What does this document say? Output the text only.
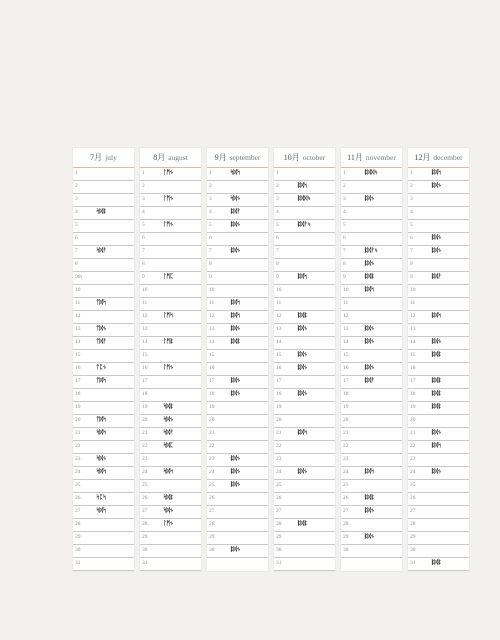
7月 july
1
2
3
4	ᛋᛞᛔ
5
6
7	ᛋᛞᚹ
8
9th
10
11	ᛏᛞᛋ
12
13	ᛏᛞᛃ
14	ᛏᛞᚹ
15
16	ᛏᛈᛃ
17	ᛏᛞᛋ
18
19
20	ᛏᛞᛋ
21	ᛋᛞᛋ
22
23	ᛋᛞᛃ
24	ᛋᛞᛋ
25
26	ᛋᛈᛋ
27	ᛋᛞᛋ
28
29
30
31
8月 august
1	ᛚᛗᛃ
2
3	ᛚᛗᛃ
4
5	ᛚᛗᛃ
6
7
8
9	ᛚᛗᛈ
10
11
12	ᛚᛗᛋ
13
14	ᛚᛗᛔ
15
16	ᛚᛗᛃ
17
18
19	ᛋᛞᛔ
20	ᛋᛞᛃ
21	ᛋᛞᚹ
22	ᛋᛞᛈ
23
24	ᛋᛞᛋ
25
26	ᛋᛞᛔ
27	ᛋᛞᛃ
28	ᛚᛗᛃ
29
30
31
9月 september
1	ᛋᛞᛋ
2
3	ᛋᛞᛃ
4	ᛔᛞᚹ
5	ᛔᛞᛃ
6
7	ᛔᛞᛃ
8
9
10
11	ᛔᛞᛋ
12	ᛔᛞᛋ
13	ᛔᛞᛃ
14	ᛔᛞᛔ
15
16
17	ᛔᛞᛃ
18	ᛔᛞᛃ
19
20
21
22
23	ᛔᛞᛃ
24	ᛔᛞᛃ
25	ᛔᛞᛃ
26
27
28
29
30	ᛔᛞᛃ
10月 october
1
2	ᛔᛞᛋ
3	ᛔᛞᛞᛃ
4
5	ᛔᛞᚹᛃ
6
7
8
9	ᛔᛞᛋ
10
11
12	ᛔᛞᛔ
13	ᛔᛞᛃ
14
15	ᛔᛞᛃ
16	ᛔᛞᛃ
17
18	ᛔᛞᛃ
19
20
21	ᛔᛞᛋ
22
23
24	ᛔᛞᛃ
25
26
27
28	ᛔᛞᛔ
29
30
31
11月 november
1	ᛔᛞᛞᛃ
2
3	ᛔᛞᛃ
4
5
6
7	ᛔᛞᚹᛃ
8	ᛔᛞᛃ
9	ᛔᛞᛔ
10	ᛔᛞᛋ
11
12
13	ᛔᛞᛃ
14	ᛔᛞᛃ
15
16	ᛔᛞᛃ
17	ᛔᛞᚹ
18
19
20
21
22
23
24	ᛔᛞᛋ
25
26	ᛔᛞᛔ
27	ᛔᛞᛃ
28
29	ᛔᛞᛃ
30
12月 december
1	ᛔᛞᛋ
2	ᛔᛞᛃ
3
4
5
6	ᛔᛞᛃ
7	ᛔᛞᛃ
8
9	ᛔᛞᚹ
10
11
12	ᛔᛞᛋ
13
14	ᛔᛞᛃ
15	ᛔᛞᛔ
16
17	ᛔᛞᛔ
18	ᛔᛞᛔ
19	ᛔᛞᛔ
20
21	ᛔᛞᛃ
22	ᛔᛞᛋ
23
24	ᛔᛞᛃ
25
26
27
28
29
30
31	ᛔᛞᛔ
